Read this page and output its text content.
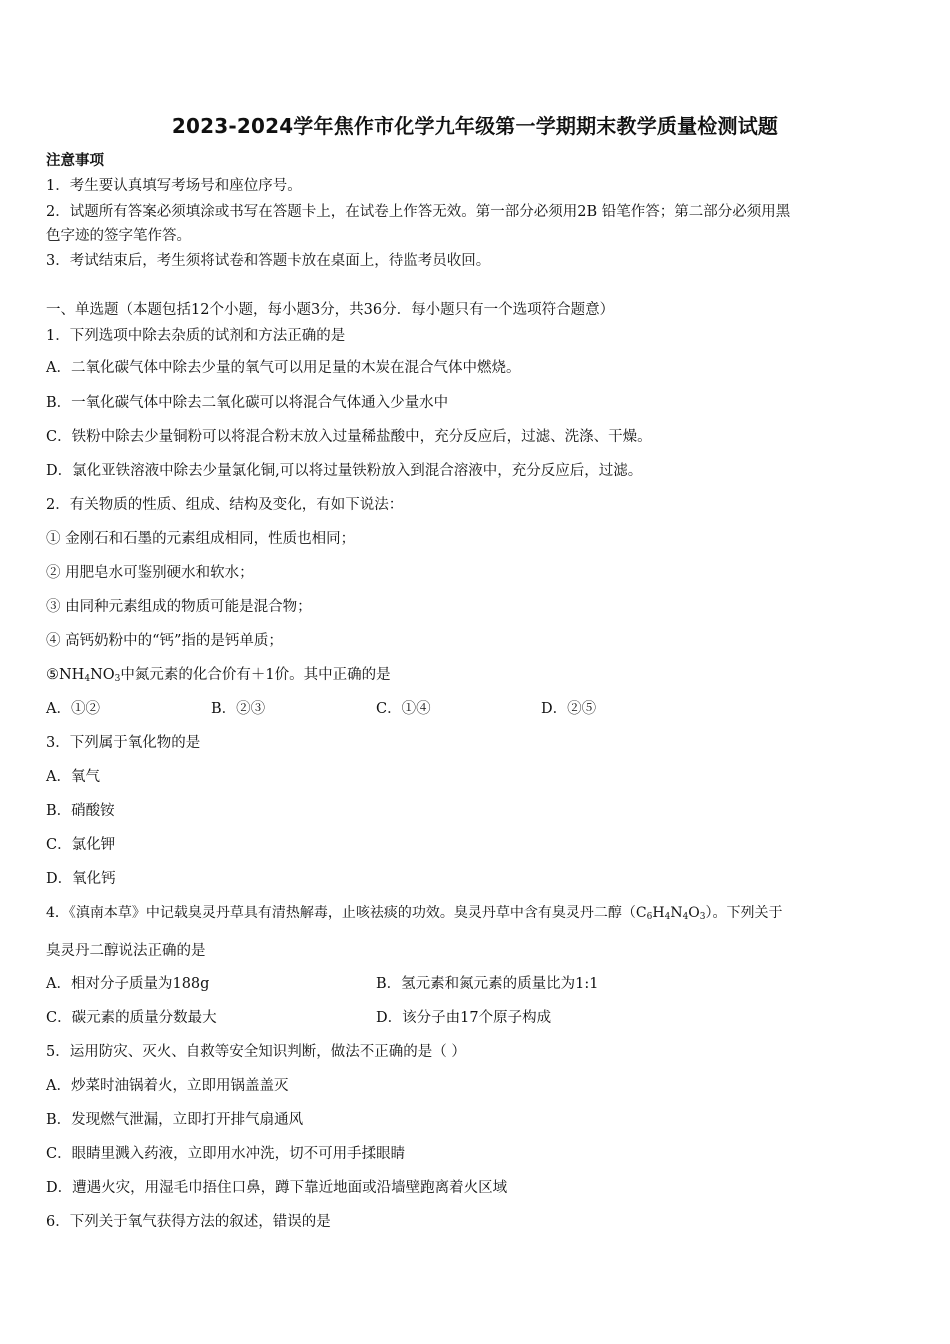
2023-2024学年焦作市化学九年级第一学期期末教学质量检测试题
注意事项
1．考生要认真填写考场号和座位序号。
2．试题所有答案必须填涂或书写在答题卡上，在试卷上作答无效。第一部分必须用2B 铅笔作答；第二部分必须用黑
色字迹的签字笔作答。
3．考试结束后，考生须将试卷和答题卡放在桌面上，待监考员收回。
一、单选题（本题包括12个小题，每小题3分，共36分．每小题只有一个选项符合题意）
1．下列选项中除去杂质的试剂和方法正确的是
A．二氧化碳气体中除去少量的氧气可以用足量的木炭在混合气体中燃烧。
B．一氧化碳气体中除去二氧化碳可以将混合气体通入少量水中
C．铁粉中除去少量铜粉可以将混合粉末放入过量稀盐酸中，充分反应后，过滤、洗涤、干燥。
D．氯化亚铁溶液中除去少量氯化铜,可以将过量铁粉放入到混合溶液中，充分反应后，过滤。
2．有关物质的性质、组成、结构及变化，有如下说法：
① 金刚石和石墨的元素组成相同，性质也相同；
② 用肥皂水可鉴别硬水和软水；
③ 由同种元素组成的物质可能是混合物；
④ 高钙奶粉中的“钙”指的是钙单质；
$⑤NH_4NO_3$中氮元素的化合价有＋1价。其中正确的是
A．①②	B．②③	C．①④	D．②⑤
3．下列属于氧化物的是
A．氧气
B．硝酸铵
C．氯化钾
D．氧化钙
4．《滇南本草》中记载臭灵丹草具有清热解毒，止咳祛痰的功效。臭灵丹草中含有臭灵丹二醇$(C_6H_4N_4O_3)$。下列关于
臭灵丹二醇说法正确的是
A．相对分子质量为188g	B．氢元素和氮元素的质量比为1:1
C．碳元素的质量分数最大	D．该分子由17个原子构成
5．运用防灾、灭火、自救等安全知识判断，做法不正确的是（ ）
A．炒菜时油锅着火，立即用锅盖盖灭
B．发现燃气泄漏，立即打开排气扇通风
C．眼睛里溅入药液，立即用水冲洗，切不可用手揉眼睛
D．遭遇火灾，用湿毛巾捂住口鼻，蹲下靠近地面或沿墙壁跑离着火区域
6．下列关于氧气获得方法的叙述，错误的是
